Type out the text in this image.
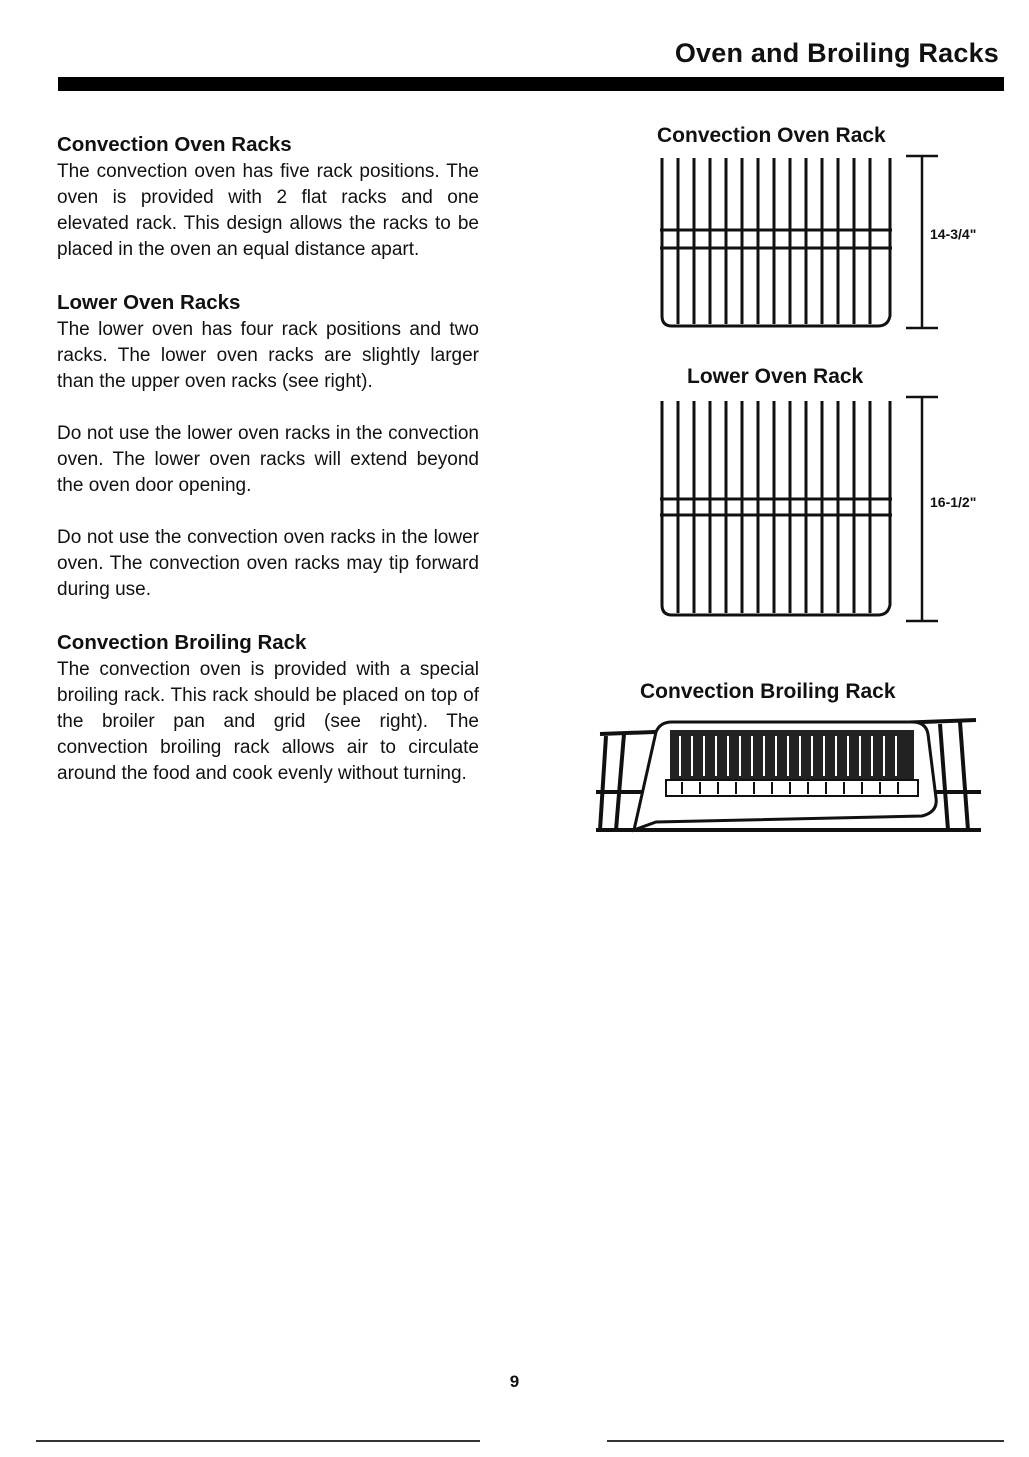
Oven and Broiling Racks
Convection Oven Racks

The convection oven has five rack positions. The oven is provided with 2 flat racks and one elevated rack. This design allows the racks to be placed in the oven an equal distance apart.

Lower Oven Racks

The lower oven has four rack positions and two racks. The lower oven racks are slightly larger than the upper oven racks (see right).

Do not use the lower oven racks in the convection oven. The lower oven racks will extend beyond the oven door opening.

Do not use the convection oven racks in the lower oven. The convection oven racks may tip forward during use.

Convection Broiling Rack

The convection oven is provided with a special broiling rack. This rack should be placed on top of the broiler pan and grid (see right). The convection broiling rack allows air to circulate around the food and cook evenly without turning.

Convection Oven Rack
14-3/4"
Lower Oven Rack
16-1/2"
Convection Broiling Rack
9
